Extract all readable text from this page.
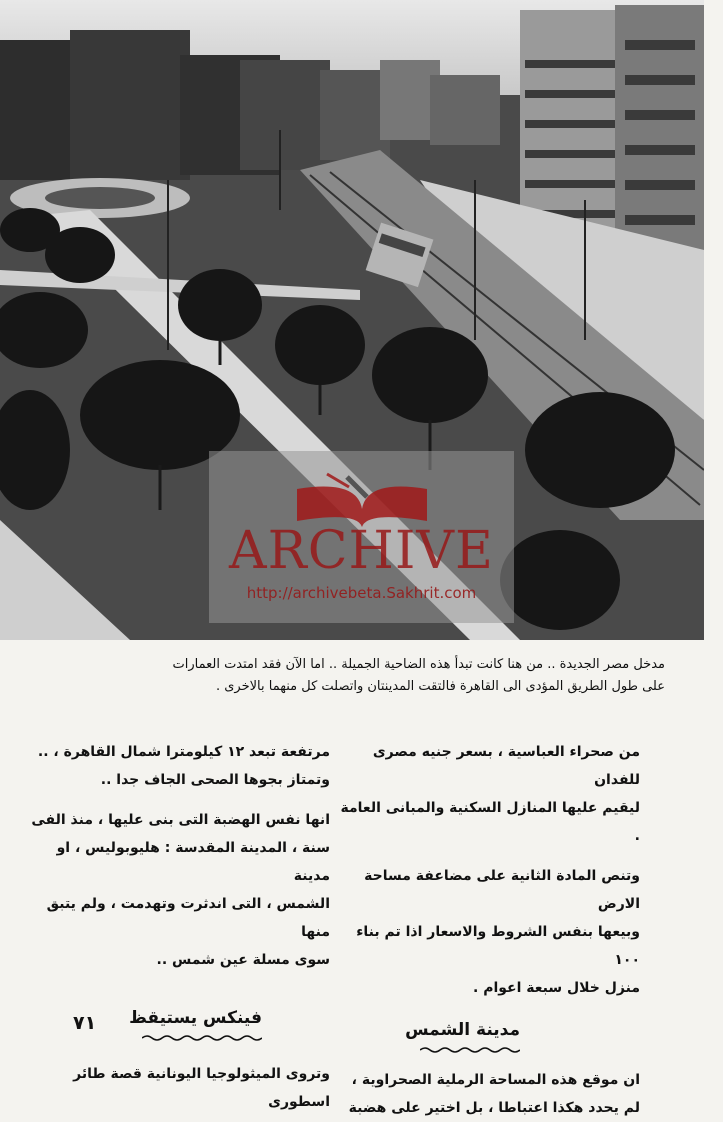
ARCHIVE
http://archivebeta.Sakhrit.com
مدخل مصر الجديدة .. من هنا كانت تبدأ هذه الضاحية الجميلة .. اما الآن فقد امتدت العمارات
على طول الطريق المؤدى الى القاهرة فالتقت المدينتان واتصلت كل منهما بالاخرى .

من صحراء العباسية ، بسعر جنيه مصرى للفدان

ليقيم عليها المنازل السكنية والمبانى العامة .

وتنص المادة الثانية على مضاعفة مساحة الارض

وبيعها بنفس الشروط والاسعار اذا تم بناء ١٠٠

منزل خلال سبعة اعوام .

مدينة الشمس

ان موقع هذه المساحة الرملية الصحراوية ،

لم يحدد هكذا اعتباطا ، بل اختير على هضبة

مرتفعة تبعد ١٢ كيلومترا شمال القاهرة ، ..

وتمتاز بجوها الصحى الجاف جدا ..

انها نفس الهضبة التى بنى عليها ، منذ الفى

سنة ، المدينة المقدسة : هليوبوليس ، او مدينة

الشمس ، التى اندثرت وتهدمت ، ولم يتبق منها

سوى مسلة عين شمس ..

فينكس يستيقظ

وتروى الميثولوجيا اليونانية قصة طائر اسطورى

٧١
